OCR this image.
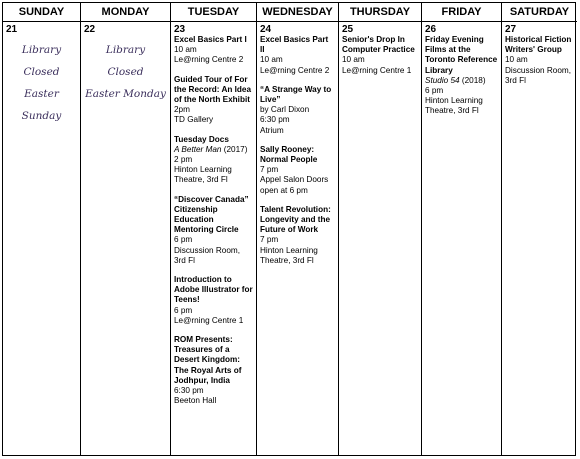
SUNDAY	MONDAY	TUESDAY	WEDNESDAY	THURSDAY	FRIDAY	SATURDAY
21
Library
Closed
Easter Sunday
22
Library
Closed
Easter Monday
23
Excel Basics Part I
10 am
Le@rning Centre 2
Guided Tour of For the Record: An Idea of the North Exhibit
2pm
TD Gallery
Tuesday Docs
A Better Man (2017)
2 pm
Hinton Learning Theatre, 3rd Fl
“Discover Canada” Citizenship Education Mentoring Circle
6 pm
Discussion Room, 3rd Fl
Introduction to Adobe Illustrator for Teens!
6 pm
Le@rning Centre 1
ROM Presents: Treasures of a Desert Kingdom: The Royal Arts of Jodhpur, India
6:30 pm
Beeton Hall
24
Excel Basics Part II
10 am
Le@rning Centre 2
“A Strange Way to Live”
by Carl Dixon
6:30 pm
Atrium
Sally Rooney: Normal People
7 pm
Appel Salon Doors open at 6 pm
Talent Revolution: Longevity and the Future of Work
7 pm
Hinton Learning Theatre, 3rd Fl
25
Senior's Drop In Computer Practice
10 am
Le@rning Centre 1
26
Friday Evening Films at the Toronto Reference Library
Studio 54 (2018)
6 pm
Hinton Learning Theatre, 3rd Fl
27
Historical Fiction Writers' Group
10 am
Discussion Room, 3rd Fl
